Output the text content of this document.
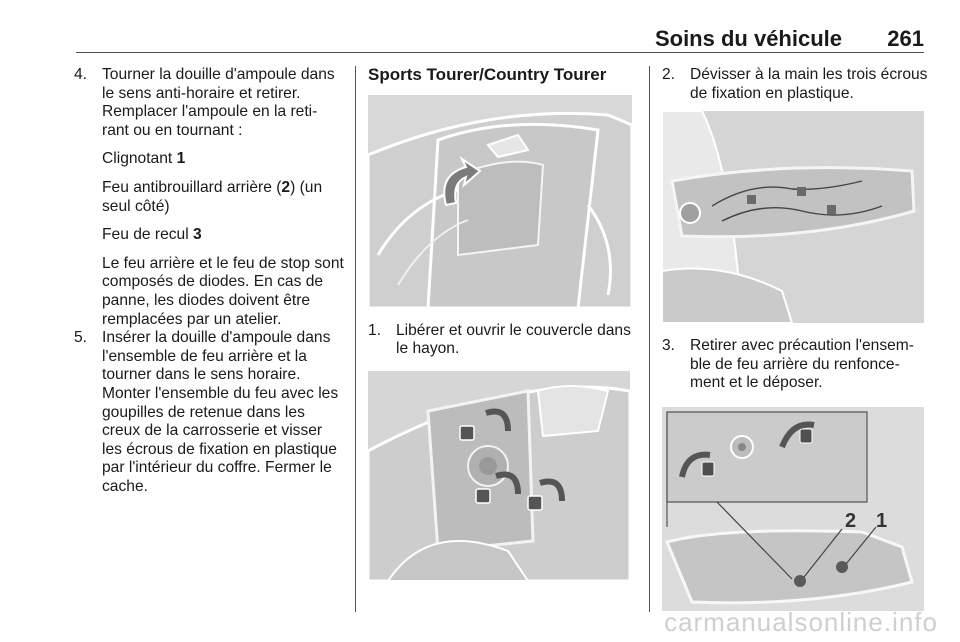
Soins du véhicule 261
4. Tourner la douille d'ampoule dans le sens anti-horaire et retirer. Remplacer l'ampoule en la reti-rant ou en tournant :

Clignotant 1

Feu antibrouillard arrière (2) (un seul côté)

Feu de recul 3

Le feu arrière et le feu de stop sont composés de diodes. En cas de panne, les diodes doivent être remplacées par un atelier.

5. Insérer la douille d'ampoule dans l'ensemble de feu arrière et la tourner dans le sens horaire. Monter l'ensemble du feu avec les goupilles de retenue dans les creux de la carrosserie et visser les écrous de fixation en plastique par l'intérieur du coffre. Fermer le cache.

Sports Tourer/Country Tourer
1. Libérer et ouvrir le couvercle dans le hayon.

2. Dévisser à la main les trois écrous de fixation en plastique.

3. Retirer avec précaution l'ensem-ble de feu arrière du renfonce-ment et le déposer.

2 1
carmanualsonline.info
